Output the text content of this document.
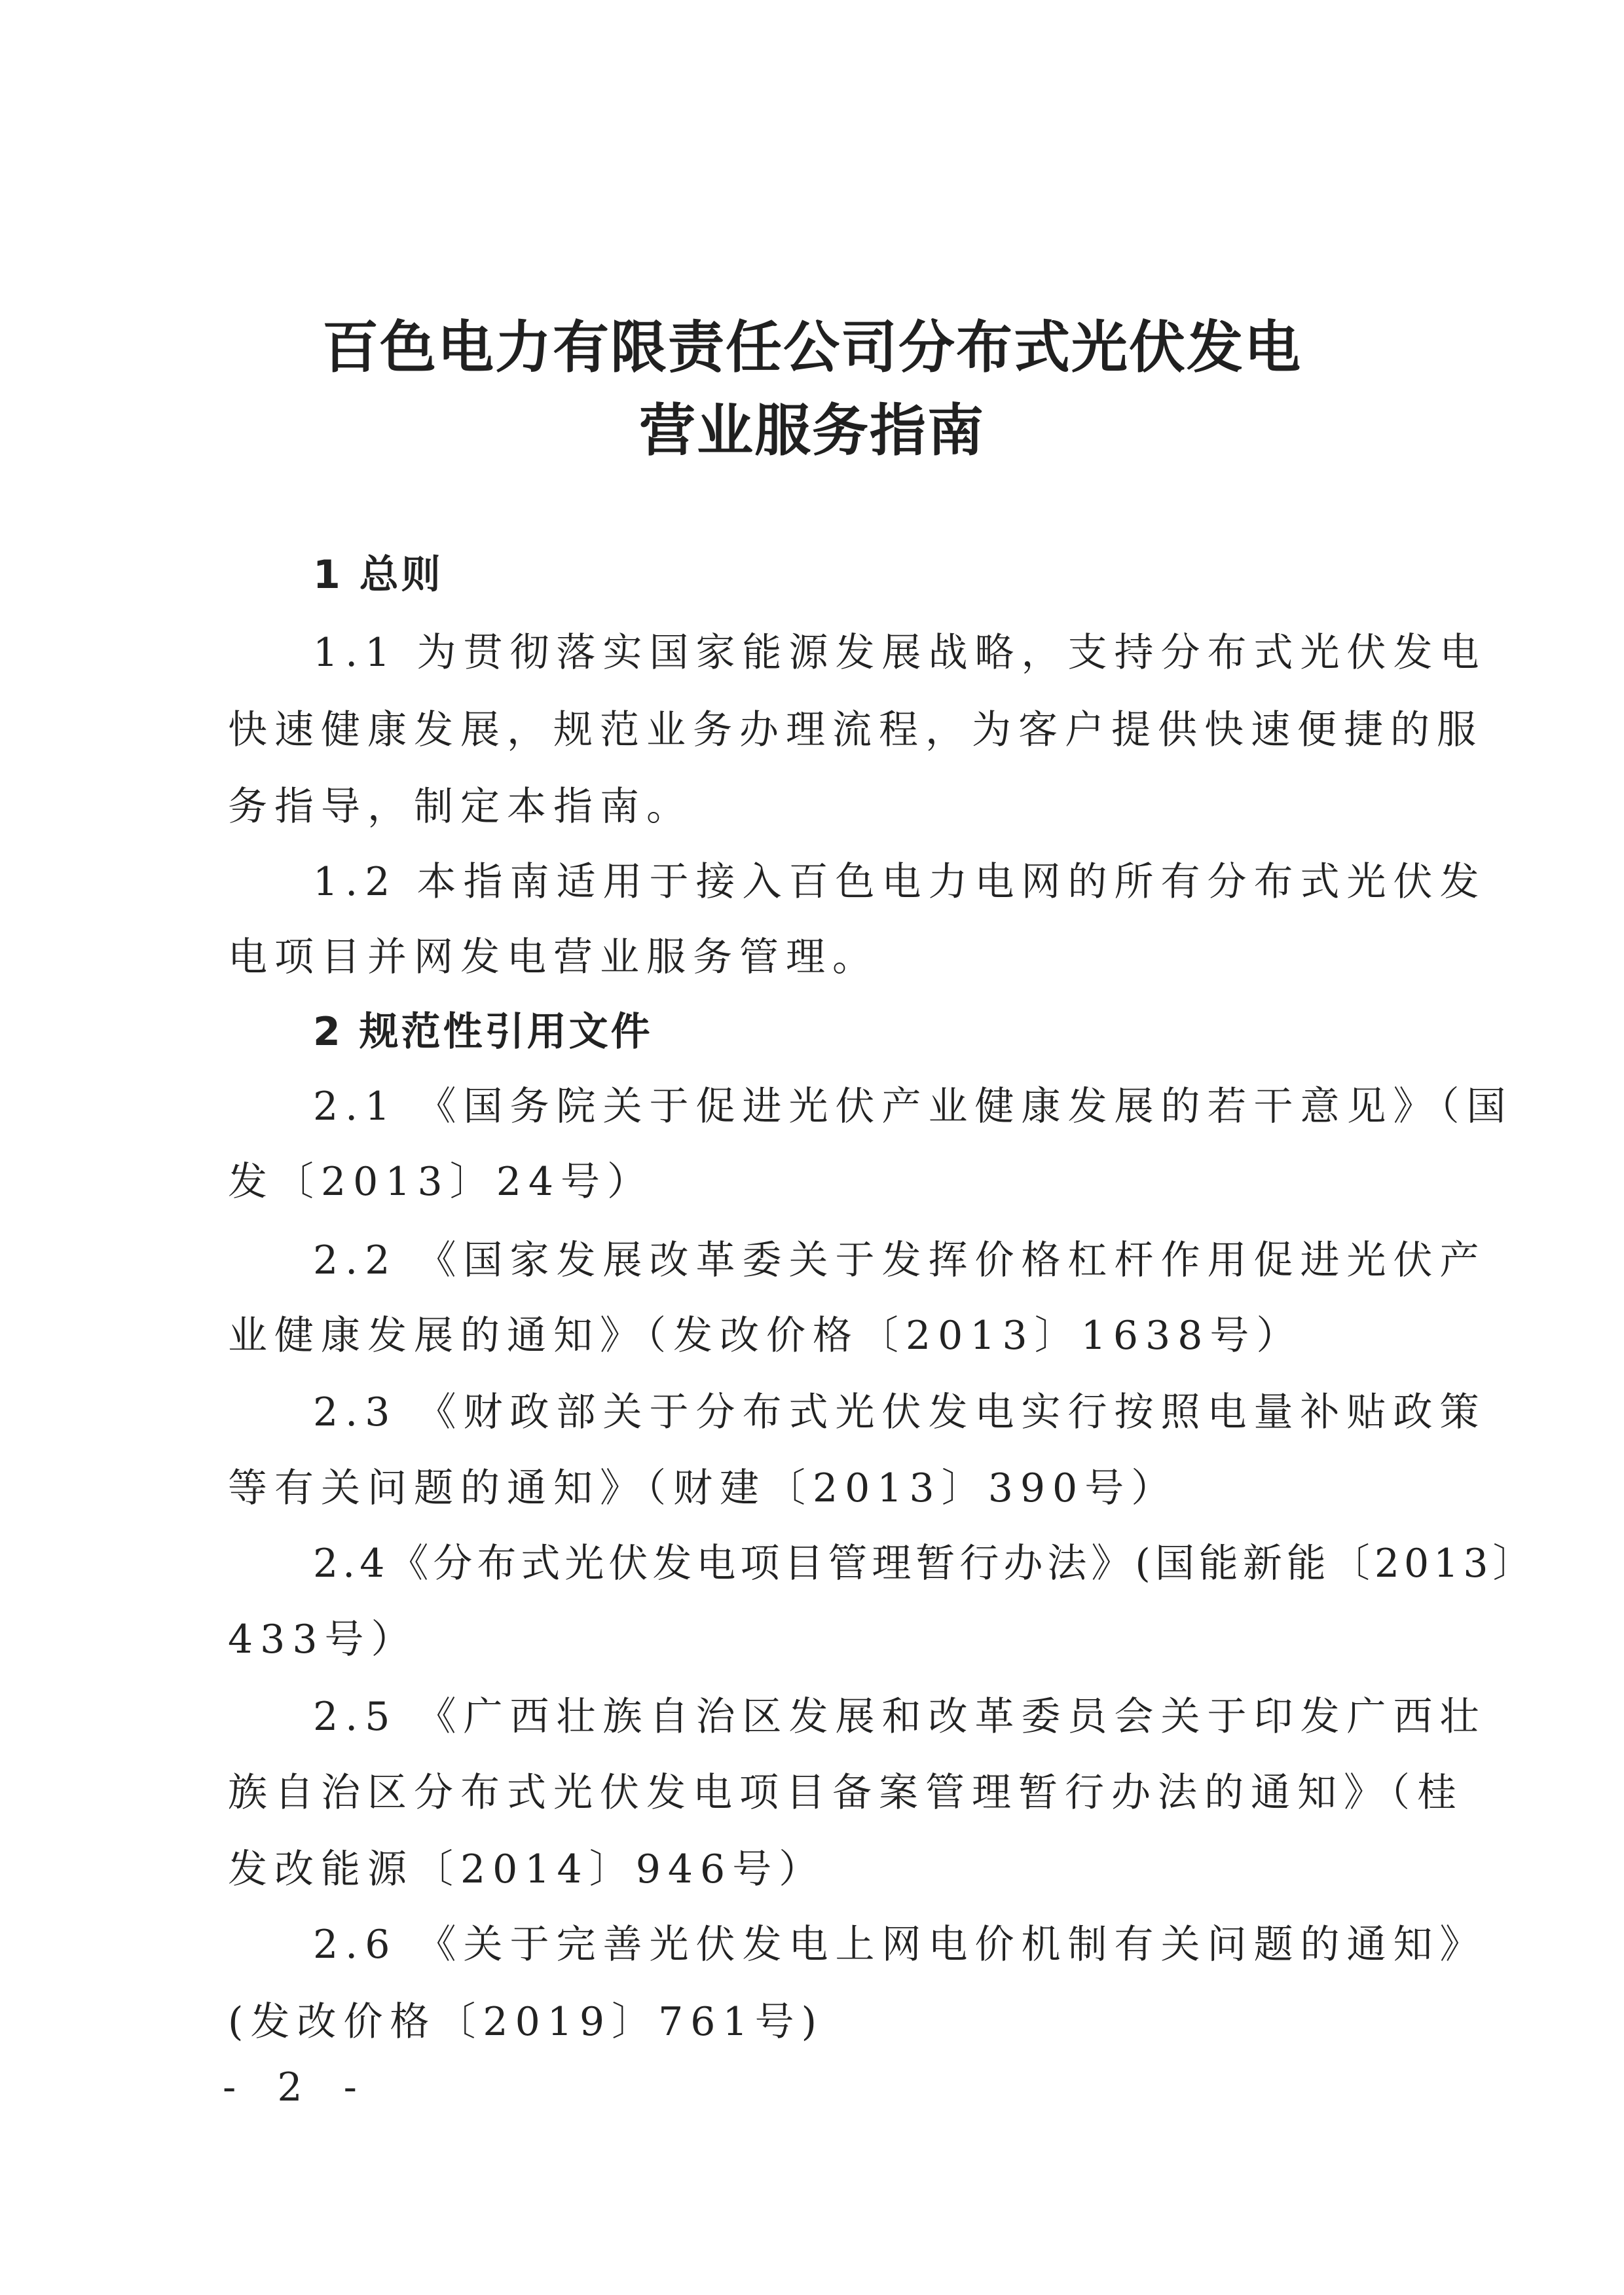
百色电力有限责任公司分布式光伏发电
营业服务指南
1 总则
1.1 为贯彻落实国家能源发展战略，支持分布式光伏发电
快速健康发展，规范业务办理流程，为客户提供快速便捷的服
务指导，制定本指南。
1.2 本指南适用于接入百色电力电网的所有分布式光伏发
电项目并网发电营业服务管理。
2 规范性引用文件
2.1 《国务院关于促进光伏产业健康发展的若干意见》（国
发〔2013〕24号）
2.2 《国家发展改革委关于发挥价格杠杆作用促进光伏产
业健康发展的通知》（发改价格〔2013〕1638号）
2.3 《财政部关于分布式光伏发电实行按照电量补贴政策
等有关问题的通知》（财建〔2013〕390号）
2.4《分布式光伏发电项目管理暂行办法》(国能新能〔2013〕
433号）
2.5 《广西壮族自治区发展和改革委员会关于印发广西壮
族自治区分布式光伏发电项目备案管理暂行办法的通知》（桂
发改能源〔2014〕946号）
2.6 《关于完善光伏发电上网电价机制有关问题的通知》
(发改价格〔2019〕761号)
- 2 -
